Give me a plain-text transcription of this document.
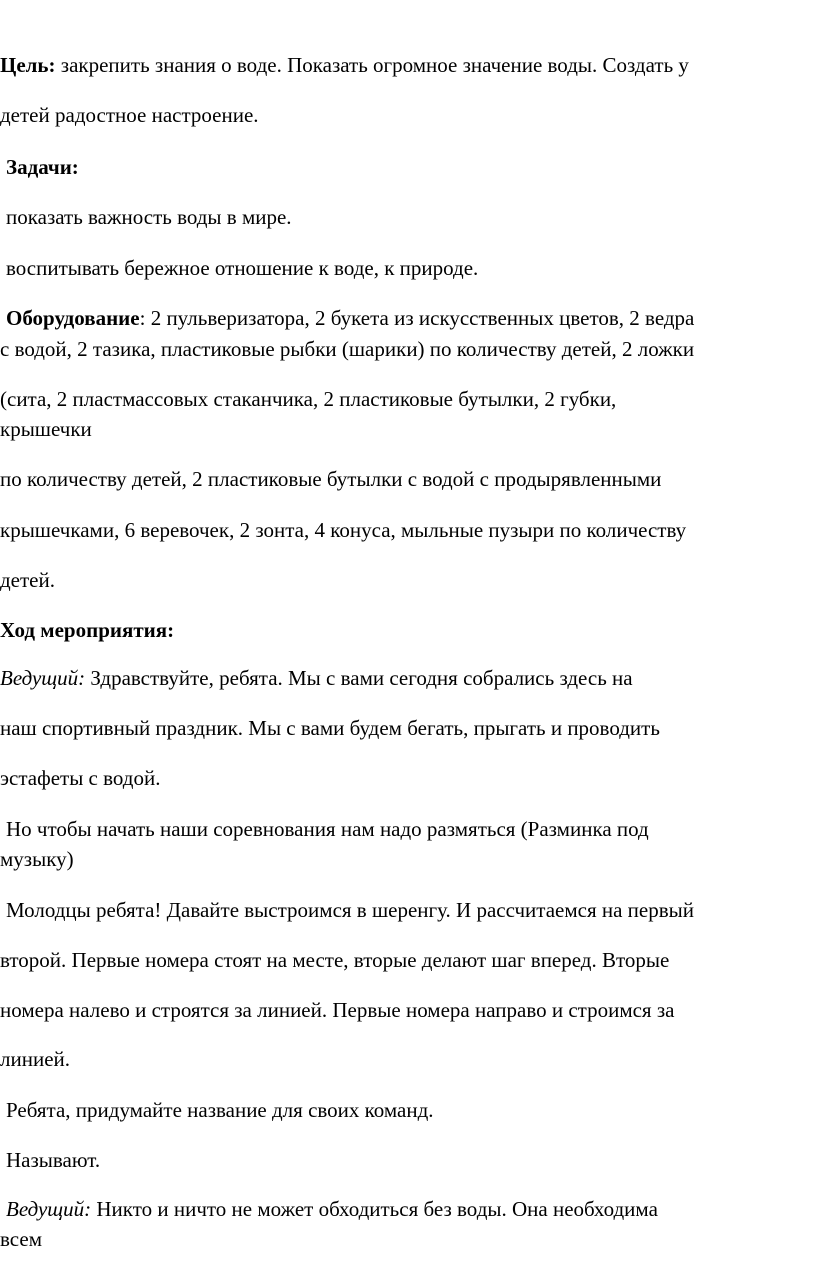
Цель: закрепить знания о воде. Показать огромное значение воды. Создать у
детей радостное настроение.
Задачи:
показать важность воды в мире.
воспитывать бережное отношение к воде, к природе.
Оборудование: 2 пульверизатора, 2 букета из искусственных цветов, 2 ведра
с водой, 2 тазика, пластиковые рыбки (шарики) по количеству детей, 2 ложки
(сита, 2 пластмассовых стаканчика, 2 пластиковые бутылки, 2 губки,
крышечки
по количеству детей, 2 пластиковые бутылки с водой с продырявленными
крышечками, 6 веревочек, 2 зонта, 4 конуса, мыльные пузыри по количеству
детей.
Ход мероприятия:
Ведущий: Здравствуйте, ребята. Мы с вами сегодня собрались здесь на
наш спортивный праздник. Мы с вами будем бегать, прыгать и проводить
эстафеты с водой.
Но чтобы начать наши соревнования нам надо размяться (Разминка под
музыку)
Молодцы ребята! Давайте выстроимся в шеренгу. И рассчитаемся на первый
второй. Первые номера стоят на месте, вторые делают шаг вперед. Вторые
номера налево и строятся за линией. Первые номера направо и строимся за
линией.
Ребята, придумайте название для своих команд.
Называют.
Ведущий: Никто и ничто не может обходиться без воды. Она необходима
всем
